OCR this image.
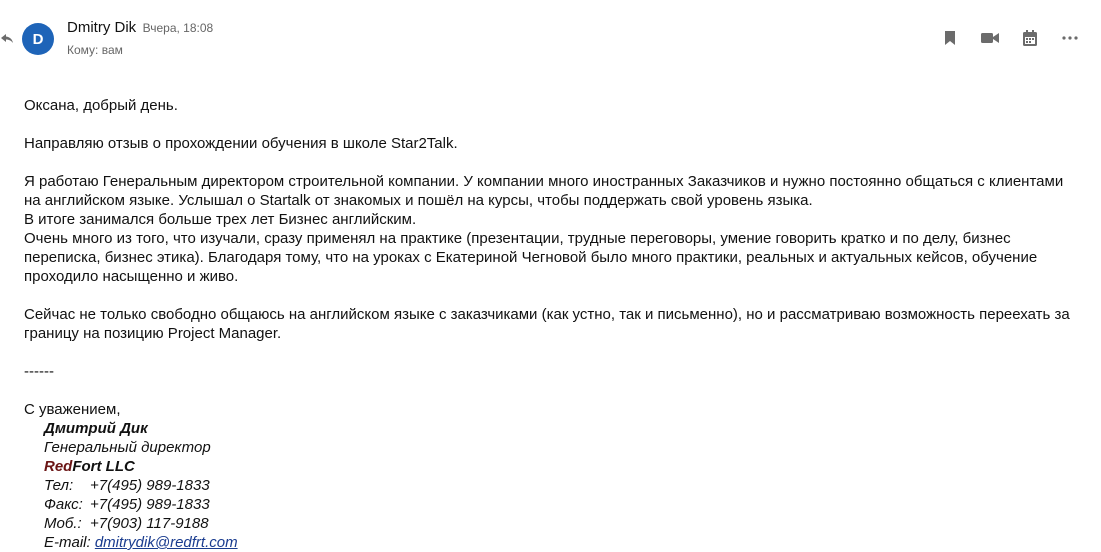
D
Dmitry Dik Вчера, 18:08
Кому: вам

Оксана, добрый день.

Направляю отзыв о прохождении обучения в школе Star2Talk.

Я работаю Генеральным директором строительной компании. У компании много иностранных Заказчиков и нужно постоянно общаться с клиентами

на английском языке. Услышал о Startalk от знакомых и пошёл на курсы, чтобы поддержать свой уровень языка.

В итоге занимался больше трех лет Бизнес английским.

Очень много из того, что изучали, сразу применял на практике (презентации, трудные переговоры, умение говорить кратко и по делу, бизнес

переписка, бизнес этика). Благодаря тому, что на уроках с Екатериной Чегновой было много практики, реальных и актуальных кейсов, обучение

проходило насыщенно и живо.

Сейчас не только свободно общаюсь на английском языке с заказчиками (как устно, так и письменно), но и рассматриваю возможность переехать за

границу на позицию Project Manager.

------

С уважением,

Дмитрий Дик
Генеральный директор
RedFort LLC
Тел:	+7(495) 989-1833
Факс: +7(495) 989-1833
Моб.: +7(903) 117-9188
E-mail: dmitrydik@redfrt.com
